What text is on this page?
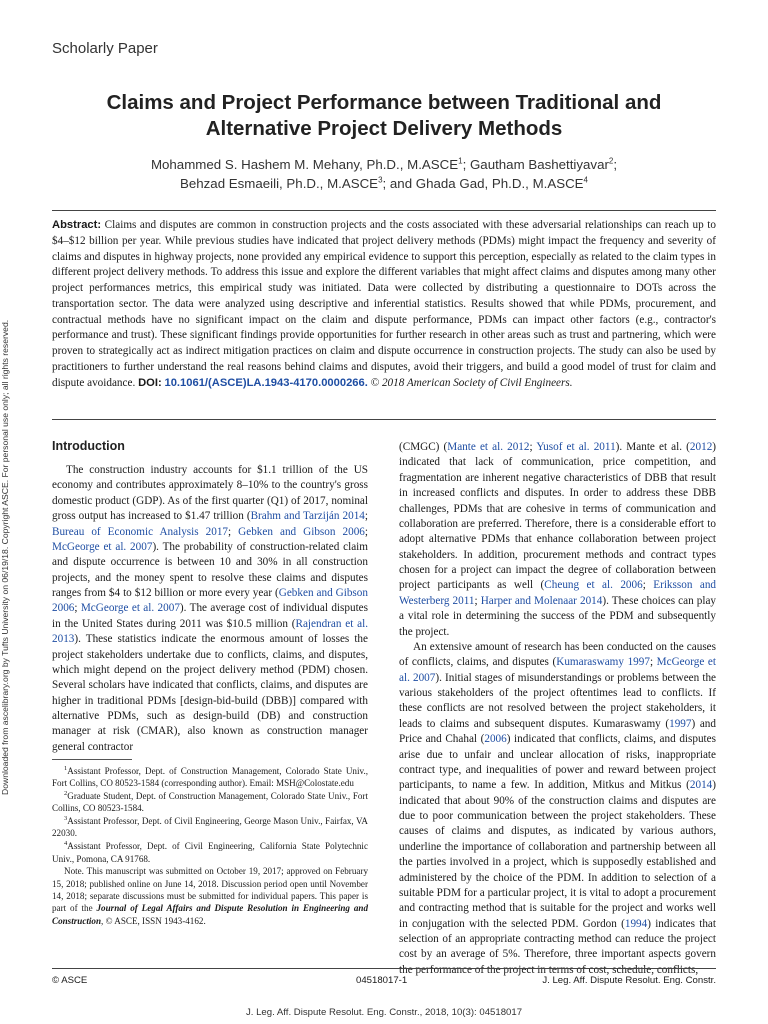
Downloaded from ascelibrary.org by Tufts University on 06/19/18. Copyright ASCE. For personal use only; all rights reserved.
Scholarly Paper
Claims and Project Performance between Traditional and
Alternative Project Delivery Methods
Mohammed S. Hashem M. Mehany, Ph.D., M.ASCE$^1$; Gautham Bashettiyavar$^2$;
Behzad Esmaeili, Ph.D., M.ASCE$^3$; and Ghada Gad, Ph.D., M.ASCE$^4$
Abstract: Claims and disputes are common in construction projects and the costs associated with these adversarial relationships can reach up to $4–$12 billion per year. While previous studies have indicated that project delivery methods (PDMs) might impact the frequency and severity of claims and disputes in highway projects, none provided any empirical evidence to support this perception, especially as related to the claim types in different project delivery methods. To address this issue and explore the different variables that might affect claims and disputes among many other project performances metrics, this empirical study was initiated. Data were collected by distributing a questionnaire to DOTs across the transportation sector. The data were analyzed using descriptive and inferential statistics. Results showed that while PDMs, procurement, and contractual methods have no significant impact on the claim and dispute performance, PDMs can impact other factors (e.g., contractor's performance and trust). These significant findings provide opportunities for further research in other areas such as trust and partnering, which were proven to strategically act as indirect mitigation practices on claim and dispute occurrence in construction projects. The study can also be used by practitioners to further understand the real reasons behind claims and disputes, avoid their triggers, and build a good model of trust for claim and dispute avoidance. DOI: 10.1061/(ASCE)LA.1943-4170.0000266. © 2018 American Society of Civil Engineers.
Introduction

The construction industry accounts for $1.1 trillion of the US economy and contributes approximately 8–10% to the country's gross domestic product (GDP). As of the first quarter (Q1) of 2017, nominal gross output has increased to $1.47 trillion (Brahm and Tarziján 2014; Bureau of Economic Analysis 2017; Gebken and Gibson 2006; McGeorge et al. 2007). The probability of construction-related claim and dispute occurrence is between 10 and 30% in all construction projects, and the money spent to resolve these claims and disputes ranges from $4 to $12 billion or more every year (Gebken and Gibson 2006; McGeorge et al. 2007). The average cost of individual disputes in the United States during 2011 was $10.5 million (Rajendran et al. 2013). These statistics indicate the enormous amount of losses the project stakeholders undertake due to conflicts, claims, and disputes, which might depend on the project delivery method (PDM) chosen. Several scholars have indicated that conflicts, claims, and disputes are higher in traditional PDMs [design-bid-build (DBB)] compared with alternative PDMs, such as design-build (DB) and construction manager at risk (CMAR), also known as construction manager general contractor

$^1$Assistant Professor, Dept. of Construction Management, Colorado State Univ., Fort Collins, CO 80523-1584 (corresponding author). Email: MSH@Colostate.edu

$^2$Graduate Student, Dept. of Construction Management, Colorado State Univ., Fort Collins, CO 80523-1584.

$^3$Assistant Professor, Dept. of Civil Engineering, George Mason Univ., Fairfax, VA 22030.

$^4$Assistant Professor, Dept. of Civil Engineering, California State Polytechnic Univ., Pomona, CA 91768.

Note. This manuscript was submitted on October 19, 2017; approved on February 15, 2018; published online on June 14, 2018. Discussion period open until November 14, 2018; separate discussions must be submitted for individual papers. This paper is part of the Journal of Legal Affairs and Dispute Resolution in Engineering and Construction, © ASCE, ISSN 1943-4162.

(CMGC) (Mante et al. 2012; Yusof et al. 2011). Mante et al. (2012) indicated that lack of communication, price competition, and fragmentation are inherent negative characteristics of DBB that result in increased conflicts and disputes. In order to address these DBB challenges, PDMs that are cohesive in terms of communication and collaboration are preferred. Therefore, there is a considerable effort to adopt alternative PDMs that enhance collaboration between project stakeholders. In addition, procurement methods and contract types chosen for a project can impact the degree of collaboration between project participants as well (Cheung et al. 2006; Eriksson and Westerberg 2011; Harper and Molenaar 2014). These choices can play a vital role in determining the success of the PDM and subsequently the project.

An extensive amount of research has been conducted on the causes of conflicts, claims, and disputes (Kumaraswamy 1997; McGeorge et al. 2007). Initial stages of misunderstandings or problems between the various stakeholders of the project oftentimes lead to conflicts. If these conflicts are not resolved between the project stakeholders, it leads to claims and subsequent disputes. Kumaraswamy (1997) and Price and Chahal (2006) indicated that conflicts, claims, and disputes arise due to unfair and unclear allocation of risks, inappropriate contract type, and inequalities of power and reward between project participants, to name a few. In addition, Mitkus and Mitkus (2014) indicated that about 90% of the construction claims and disputes are due to poor communication between the project stakeholders. These causes of claims and disputes, as indicated by various authors, underline the importance of collaboration and partnership between all the parties involved in a project, which is supposedly established and administered by the choice of the PDM. In addition to selection of a suitable PDM for a particular project, it is vital to adopt a procurement and contracting method that is suitable for the project and works well in conjugation with the selected PDM. Gordon (1994) indicates that selection of an appropriate contracting method can reduce the project cost by an average of 5%. Therefore, three important aspects govern the performance of the project in terms of cost, schedule, conflicts,

© ASCE	04518017-1	J. Leg. Aff. Dispute Resolut. Eng. Constr.
J. Leg. Aff. Dispute Resolut. Eng. Constr., 2018, 10(3): 04518017
